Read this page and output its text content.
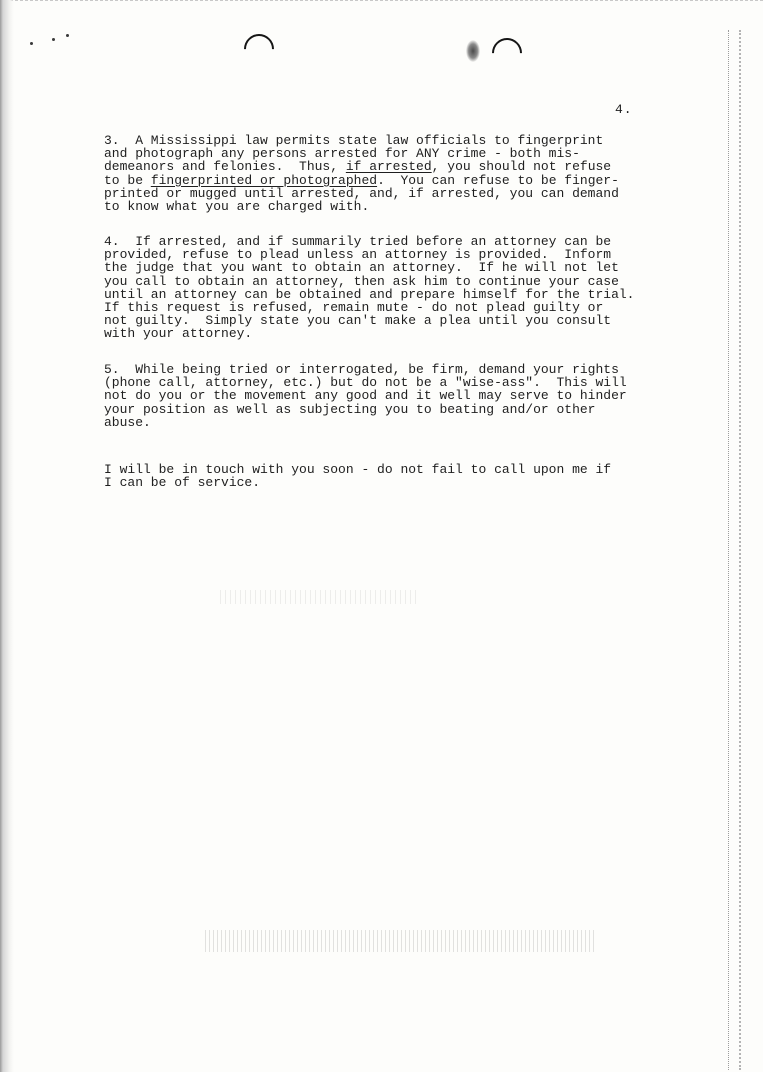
4.
3.  A Mississippi law permits state law officials to fingerprint
and photograph any persons arrested for ANY crime - both mis-
demeanors and felonies.  Thus, if arrested, you should not refuse
to be fingerprinted or photographed.  You can refuse to be finger-
printed or mugged until arrested, and, if arrested, you can demand
to know what you are charged with.
4.  If arrested, and if summarily tried before an attorney can be
provided, refuse to plead unless an attorney is provided.  Inform
the judge that you want to obtain an attorney.  If he will not let
you call to obtain an attorney, then ask him to continue your case
until an attorney can be obtained and prepare himself for the trial.
If this request is refused, remain mute - do not plead guilty or
not guilty.  Simply state you can't make a plea until you consult
with your attorney.
5.  While being tried or interrogated, be firm, demand your rights
(phone call, attorney, etc.) but do not be a "wise-ass".  This will
not do you or the movement any good and it well may serve to hinder
your position as well as subjecting you to beating and/or other
abuse.
I will be in touch with you soon - do not fail to call upon me if
I can be of service.
